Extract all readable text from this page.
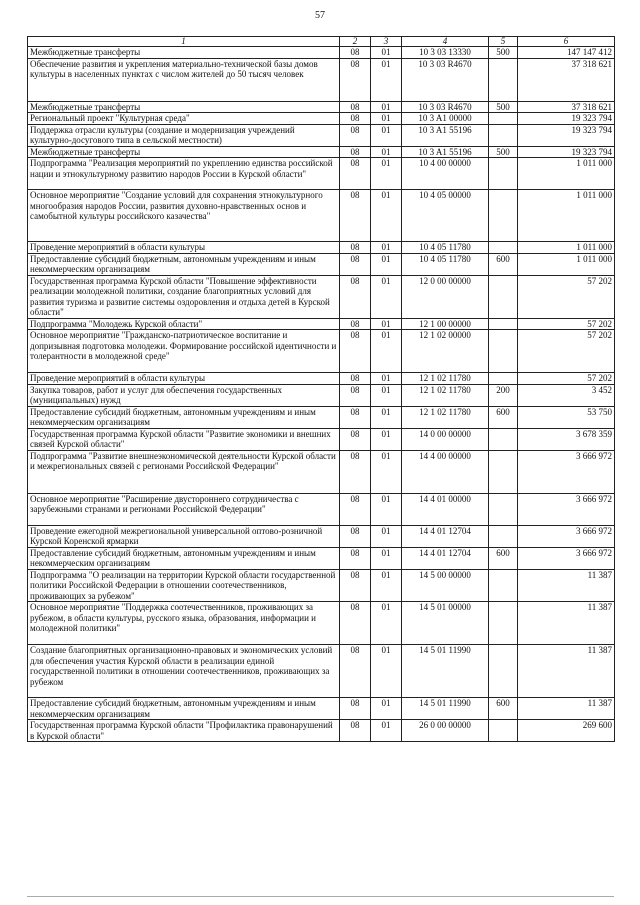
57
1	2	3	4	5	6
Межбюджетные трансферты	08	01	10 3 03 13330	500	147 147 412
Обеспечение развития и укрепления материально-технической базы домов культуры в населенных пунктах с числом жителей до 50 тысяч человек	08	01	10 3 03 R4670		37 318 621
Межбюджетные трансферты	08	01	10 3 03 R4670	500	37 318 621
Региональный проект "Культурная среда"	08	01	10 3 A1 00000		19 323 794
Поддержка отрасли культуры (создание и модернизация учреждений культурно-досугового типа в сельской местности)	08	01	10 3 A1 55196		19 323 794
Межбюджетные трансферты	08	01	10 3 A1 55196	500	19 323 794
Подпрограмма "Реализация мероприятий по укреплению единства российской нации и этнокультурному развитию народов России в Курской области"	08	01	10 4 00 00000		1 011 000
Основное мероприятие "Создание условий для сохранения этнокультурного многообразия народов России, развития духовно-нравственных основ и самобытной культуры российского казачества"	08	01	10 4 05 00000		1 011 000
Проведение мероприятий в области культуры	08	01	10 4 05 11780		1 011 000
Предоставление субсидий бюджетным, автономным учреждениям и иным некоммерческим организациям	08	01	10 4 05 11780	600	1 011 000
Государственная программа Курской области "Повышение эффективности реализации молодежной политики, создание благоприятных условий для развития туризма и развитие системы оздоровления и отдыха детей в Курской области"	08	01	12 0 00 00000		57 202
Подпрограмма "Молодежь Курской области"	08	01	12 1 00 00000		57 202
Основное мероприятие "Гражданско-патриотическое воспитание и допризывная подготовка молодежи. Формирование российской идентичности и толерантности в молодежной среде"	08	01	12 1 02 00000		57 202
Проведение мероприятий в области культуры	08	01	12 1 02 11780		57 202
Закупка товаров, работ и услуг для обеспечения государственных (муниципальных) нужд	08	01	12 1 02 11780	200	3 452
Предоставление субсидий бюджетным, автономным учреждениям и иным некоммерческим организациям	08	01	12 1 02 11780	600	53 750
Государственная программа Курской области "Развитие экономики и внешних связей Курской области"	08	01	14 0 00 00000		3 678 359
Подпрограмма "Развитие внешнеэкономической деятельности Курской области и межрегиональных связей с регионами Российской Федерации"	08	01	14 4 00 00000		3 666 972
Основное мероприятие "Расширение двустороннего сотрудничества с зарубежными странами и регионами Российской Федерации"	08	01	14 4 01 00000		3 666 972
Проведение ежегодной межрегиональной универсальной оптово-розничной Курской Коренской ярмарки	08	01	14 4 01 12704		3 666 972
Предоставление субсидий бюджетным, автономным учреждениям и иным некоммерческим организациям	08	01	14 4 01 12704	600	3 666 972
Подпрограмма "О реализации на территории Курской области государственной политики Российской Федерации в отношении соотечественников, проживающих за рубежом"	08	01	14 5 00 00000		11 387
Основное мероприятие "Поддержка соотечественников, проживающих за рубежом, в области культуры, русского языка, образования, информации и молодежной политики"	08	01	14 5 01 00000		11 387
Создание благоприятных организационно-правовых и экономических условий для обеспечения участия Курской области в реализации единой государственной политики в отношении соотечественников, проживающих за рубежом	08	01	14 5 01 11990		11 387
Предоставление субсидий бюджетным, автономным учреждениям и иным некоммерческим организациям	08	01	14 5 01 11990	600	11 387
Государственная программа Курской области "Профилактика правонарушений в Курской области"	08	01	26 0 00 00000		269 600
